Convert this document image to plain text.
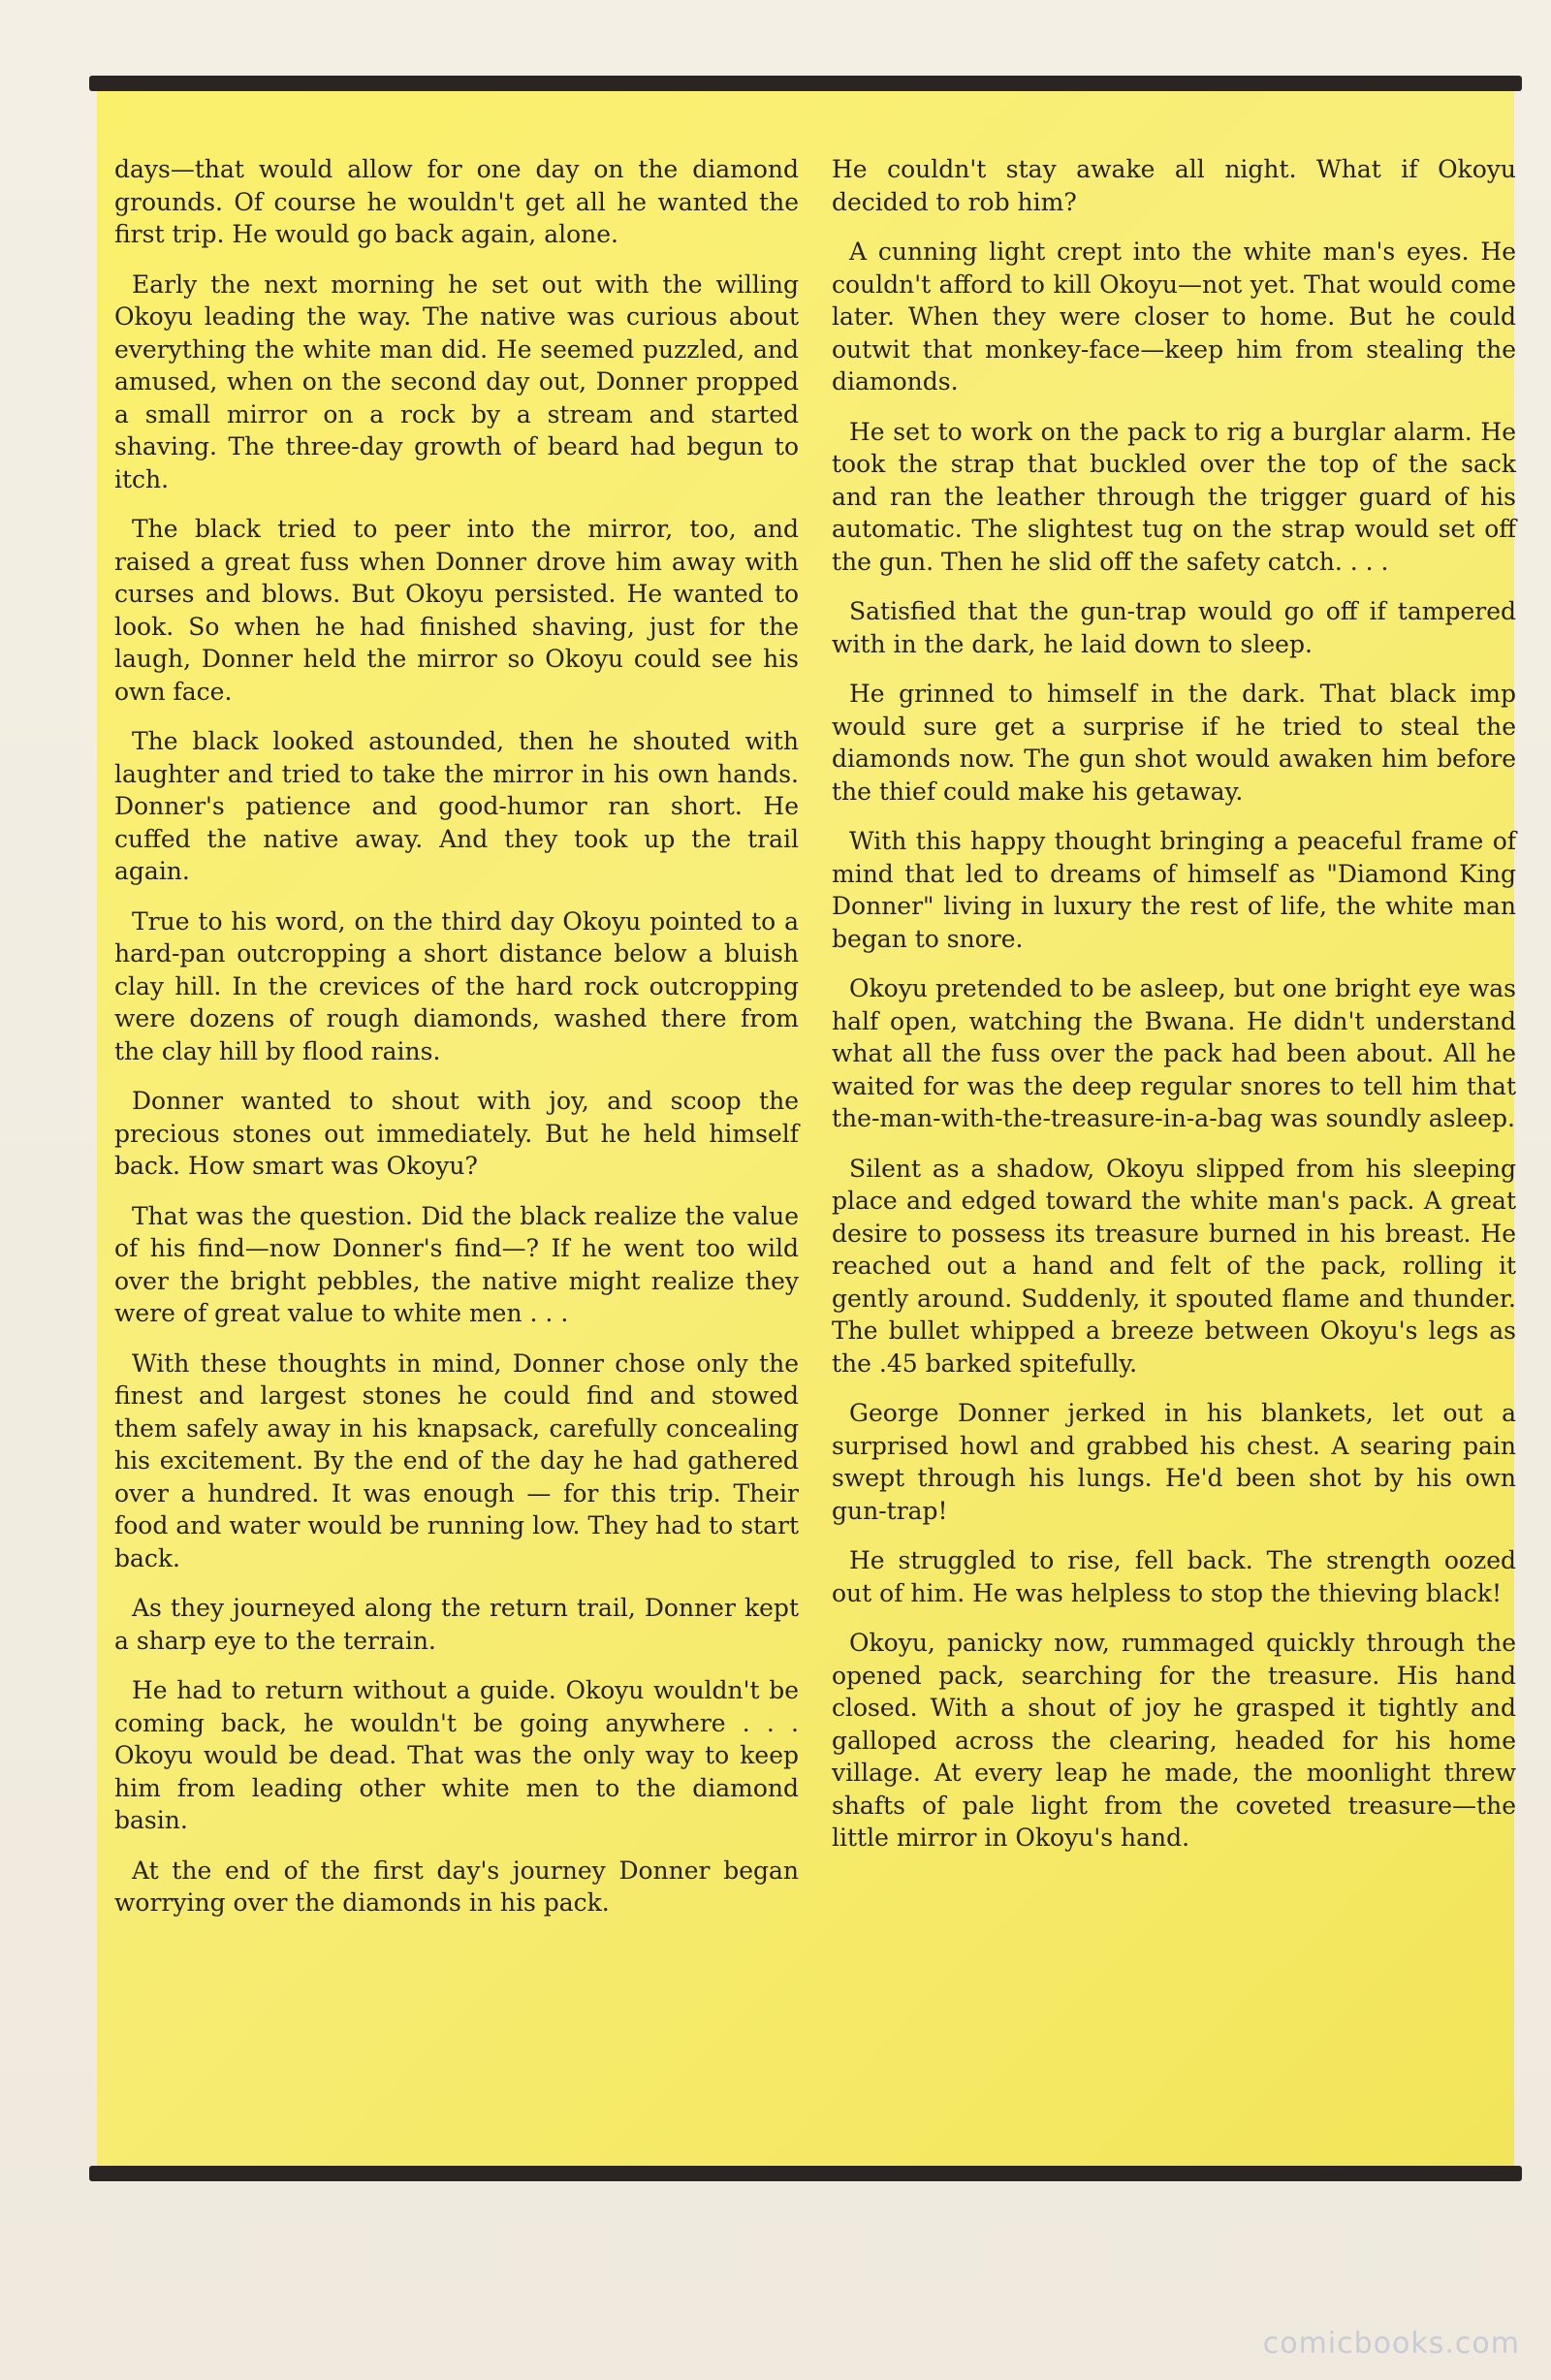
days—that would allow for one day on the diamond grounds. Of course he wouldn't get all he wanted the first trip. He would go back again, alone.

Early the next morning he set out with the willing Okoyu leading the way. The native was curious about everything the white man did. He seemed puzzled, and amused, when on the second day out, Donner propped a small mirror on a rock by a stream and started shaving. The three-day growth of beard had begun to itch.

The black tried to peer into the mirror, too, and raised a great fuss when Donner drove him away with curses and blows. But Okoyu persisted. He wanted to look. So when he had finished shaving, just for the laugh, Donner held the mirror so Okoyu could see his own face.

The black looked astounded, then he shouted with laughter and tried to take the mirror in his own hands. Donner's patience and good-humor ran short. He cuffed the native away. And they took up the trail again.

True to his word, on the third day Okoyu pointed to a hard-pan outcropping a short distance below a bluish clay hill. In the crevices of the hard rock outcropping were dozens of rough diamonds, washed there from the clay hill by flood rains.

Donner wanted to shout with joy, and scoop the precious stones out immediately. But he held himself back. How smart was Okoyu?

That was the question. Did the black realize the value of his find—now Donner's find—? If he went too wild over the bright pebbles, the native might realize they were of great value to white men . . .

With these thoughts in mind, Donner chose only the finest and largest stones he could find and stowed them safely away in his knapsack, carefully concealing his excitement. By the end of the day he had gathered over a hundred. It was enough — for this trip. Their food and water would be running low. They had to start back.

As they journeyed along the return trail, Donner kept a sharp eye to the terrain.

He had to return without a guide. Okoyu wouldn't be coming back, he wouldn't be going anywhere . . . Okoyu would be dead. That was the only way to keep him from leading other white men to the diamond basin.

At the end of the first day's journey Donner began worrying over the diamonds in his pack.

He couldn't stay awake all night. What if Okoyu decided to rob him?

A cunning light crept into the white man's eyes. He couldn't afford to kill Okoyu—not yet. That would come later. When they were closer to home. But he could outwit that monkey-face—keep him from stealing the diamonds.

He set to work on the pack to rig a burglar alarm. He took the strap that buckled over the top of the sack and ran the leather through the trigger guard of his automatic. The slightest tug on the strap would set off the gun. Then he slid off the safety catch. . . .

Satisfied that the gun-trap would go off if tampered with in the dark, he laid down to sleep.

He grinned to himself in the dark. That black imp would sure get a surprise if he tried to steal the diamonds now. The gun shot would awaken him before the thief could make his getaway.

With this happy thought bringing a peaceful frame of mind that led to dreams of himself as "Diamond King Donner" living in luxury the rest of life, the white man began to snore.

Okoyu pretended to be asleep, but one bright eye was half open, watching the Bwana. He didn't understand what all the fuss over the pack had been about. All he waited for was the deep regular snores to tell him that the-man-with-the-treasure-in-a-bag was soundly asleep.

Silent as a shadow, Okoyu slipped from his sleeping place and edged toward the white man's pack. A great desire to possess its treasure burned in his breast. He reached out a hand and felt of the pack, rolling it gently around. Suddenly, it spouted flame and thunder. The bullet whipped a breeze between Okoyu's legs as the .45 barked spitefully.

George Donner jerked in his blankets, let out a surprised howl and grabbed his chest. A searing pain swept through his lungs. He'd been shot by his own gun-trap!

He struggled to rise, fell back. The strength oozed out of him. He was helpless to stop the thieving black!

Okoyu, panicky now, rummaged quickly through the opened pack, searching for the treasure. His hand closed. With a shout of joy he grasped it tightly and galloped across the clearing, headed for his home village. At every leap he made, the moonlight threw shafts of pale light from the coveted treasure—the little mirror in Okoyu's hand.

comicbooks.com
